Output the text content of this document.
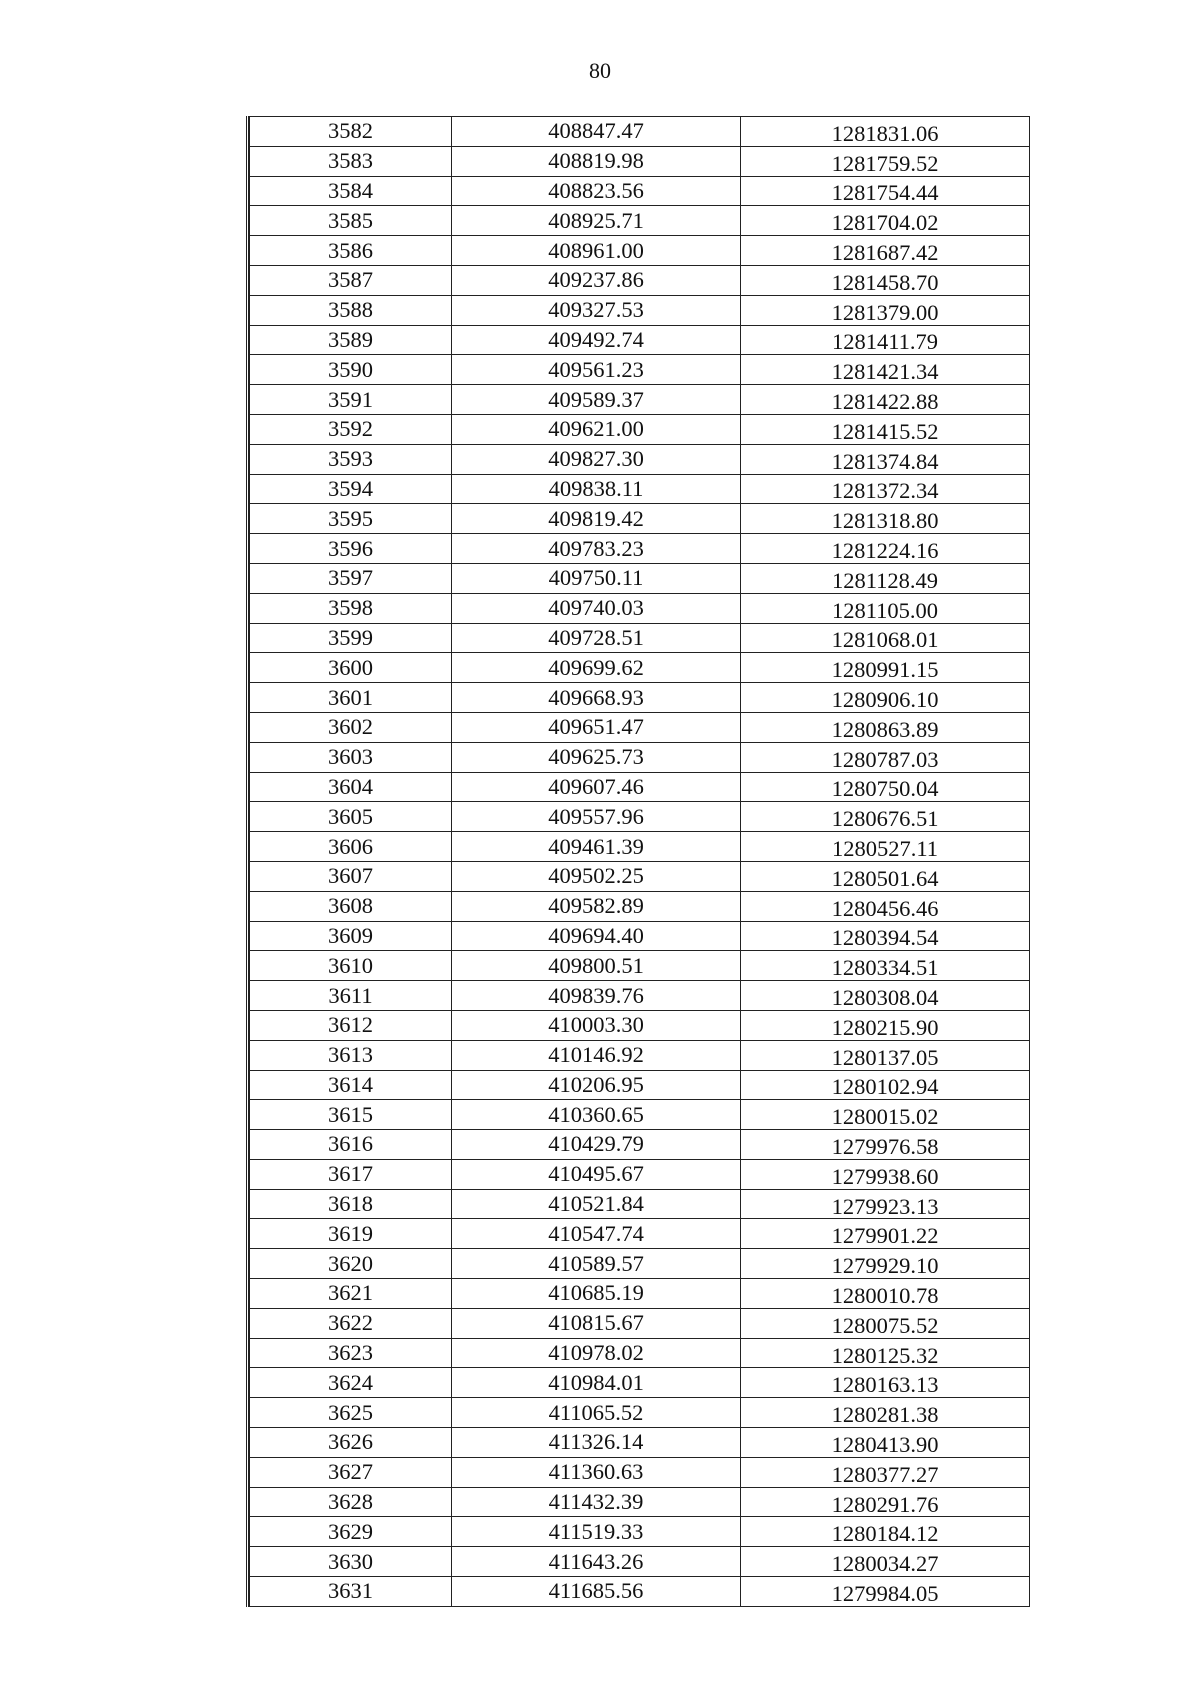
80
3582	408847.47	1281831.06
3583	408819.98	1281759.52
3584	408823.56	1281754.44
3585	408925.71	1281704.02
3586	408961.00	1281687.42
3587	409237.86	1281458.70
3588	409327.53	1281379.00
3589	409492.74	1281411.79
3590	409561.23	1281421.34
3591	409589.37	1281422.88
3592	409621.00	1281415.52
3593	409827.30	1281374.84
3594	409838.11	1281372.34
3595	409819.42	1281318.80
3596	409783.23	1281224.16
3597	409750.11	1281128.49
3598	409740.03	1281105.00
3599	409728.51	1281068.01
3600	409699.62	1280991.15
3601	409668.93	1280906.10
3602	409651.47	1280863.89
3603	409625.73	1280787.03
3604	409607.46	1280750.04
3605	409557.96	1280676.51
3606	409461.39	1280527.11
3607	409502.25	1280501.64
3608	409582.89	1280456.46
3609	409694.40	1280394.54
3610	409800.51	1280334.51
3611	409839.76	1280308.04
3612	410003.30	1280215.90
3613	410146.92	1280137.05
3614	410206.95	1280102.94
3615	410360.65	1280015.02
3616	410429.79	1279976.58
3617	410495.67	1279938.60
3618	410521.84	1279923.13
3619	410547.74	1279901.22
3620	410589.57	1279929.10
3621	410685.19	1280010.78
3622	410815.67	1280075.52
3623	410978.02	1280125.32
3624	410984.01	1280163.13
3625	411065.52	1280281.38
3626	411326.14	1280413.90
3627	411360.63	1280377.27
3628	411432.39	1280291.76
3629	411519.33	1280184.12
3630	411643.26	1280034.27
3631	411685.56	1279984.05
